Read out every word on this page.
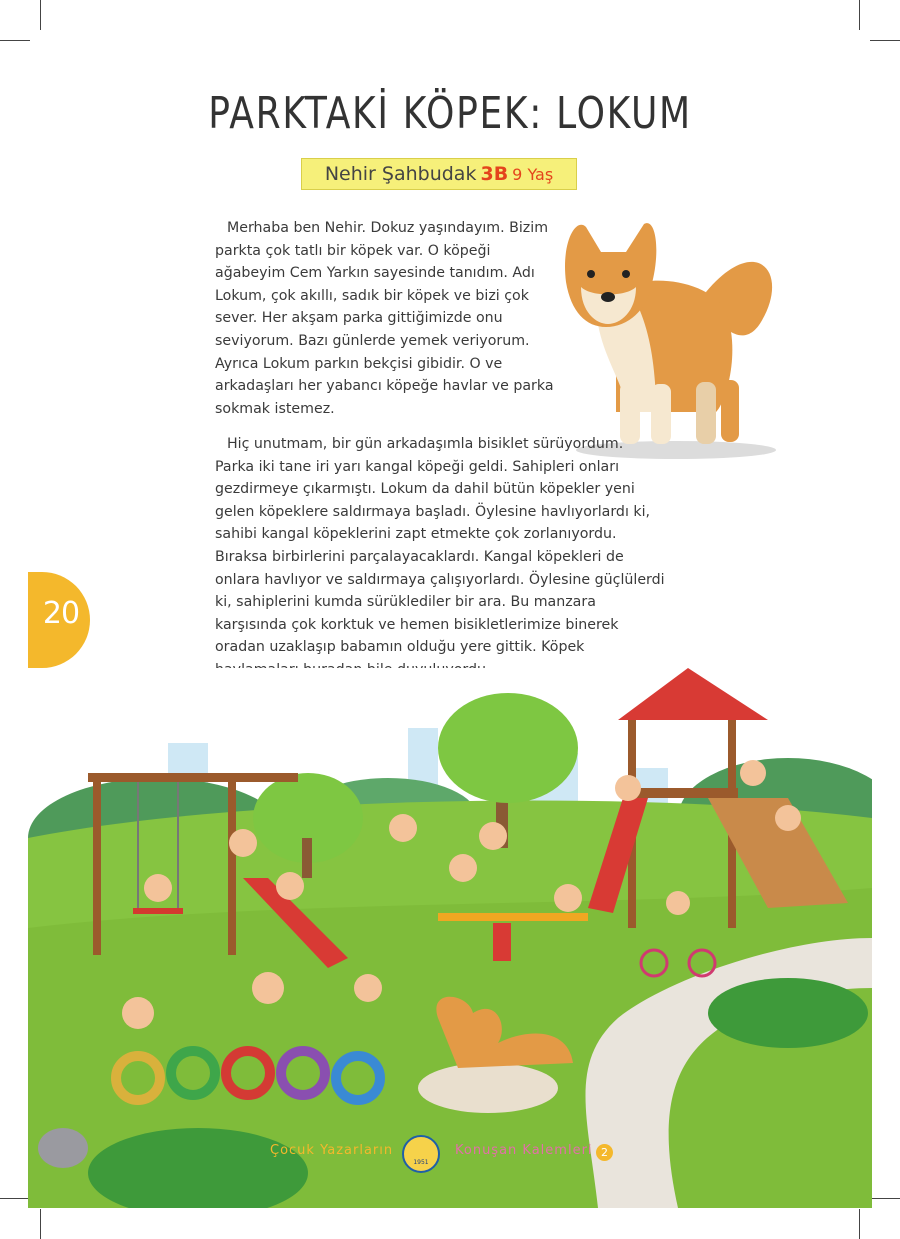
PARKTAKİ KÖPEK: LOKUM
Nehir Şahbudak 3B 9 Yaş
Merhaba ben Nehir. Dokuz yaşındayım. Bizim parkta çok tatlı bir köpek var. O köpeği ağabeyim Cem Yarkın sayesinde tanıdım. Adı Lokum, çok akıllı, sadık bir köpek ve bizi çok sever. Her akşam parka gittiğimizde onu seviyorum. Bazı günlerde yemek veriyorum. Ayrıca Lokum parkın bekçisi gibidir. O ve arkadaşları her yabancı köpeğe havlar ve parka sokmak istemez.
Hiç unutmam, bir gün arkadaşımla bisiklet sürüyordum. Parka iki tane iri yarı kangal köpeği geldi. Sahipleri onları gezdirmeye çıkarmıştı. Lokum da dahil bütün köpekler yeni gelen köpeklere saldırmaya başladı. Öylesine havlıyorlardı ki, sahibi kangal köpeklerini zapt etmekte çok zorlanıyordu. Bıraksa birbirlerini parçalayacaklardı. Kangal köpekleri de onlara havlıyor ve saldırmaya çalışıyorlardı. Öylesine güçlülerdi ki, sahiplerini kumda sürüklediler bir ara. Bu manzara karşısında çok korktuk ve hemen bisikletlerimize binerek oradan uzaklaşıp babamın olduğu yere gittik. Köpek
20
Çocuk Yazarların
1951
Konuşan Kalemleri 2
